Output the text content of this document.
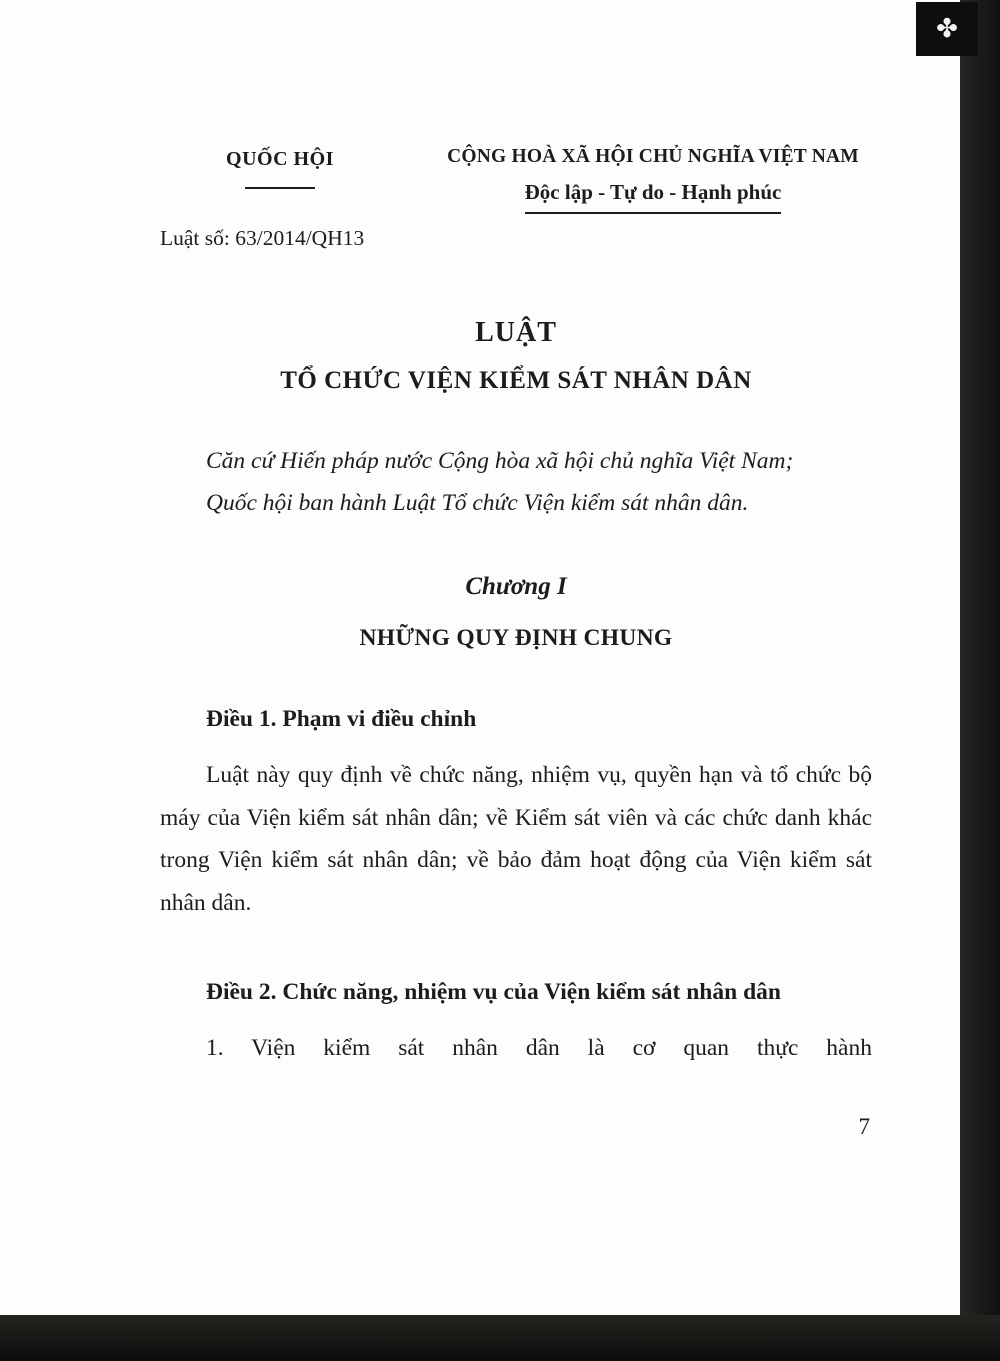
✤
QUỐC HỘI	CỘNG HOÀ XÃ HỘI CHỦ NGHĨA VIỆT NAM
Độc lập - Tự do - Hạnh phúc
Luật số: 63/2014/QH13
LUẬT
TỔ CHỨC VIỆN KIỂM SÁT NHÂN DÂN

Căn cứ Hiến pháp nước Cộng hòa xã hội chủ nghĩa Việt Nam;

Quốc hội ban hành Luật Tổ chức Viện kiểm sát nhân dân.

Chương I
NHỮNG QUY ĐỊNH CHUNG
Điều 1. Phạm vi điều chỉnh
Luật này quy định về chức năng, nhiệm vụ, quyền hạn và tổ chức bộ máy của Viện kiểm sát nhân dân; về Kiểm sát viên và các chức danh khác trong Viện kiểm sát nhân dân; về bảo đảm hoạt động của Viện kiểm sát nhân dân.
Điều 2. Chức năng, nhiệm vụ của Viện kiểm sát nhân dân
1. Viện kiểm sát nhân dân là cơ quan thực hành
7
